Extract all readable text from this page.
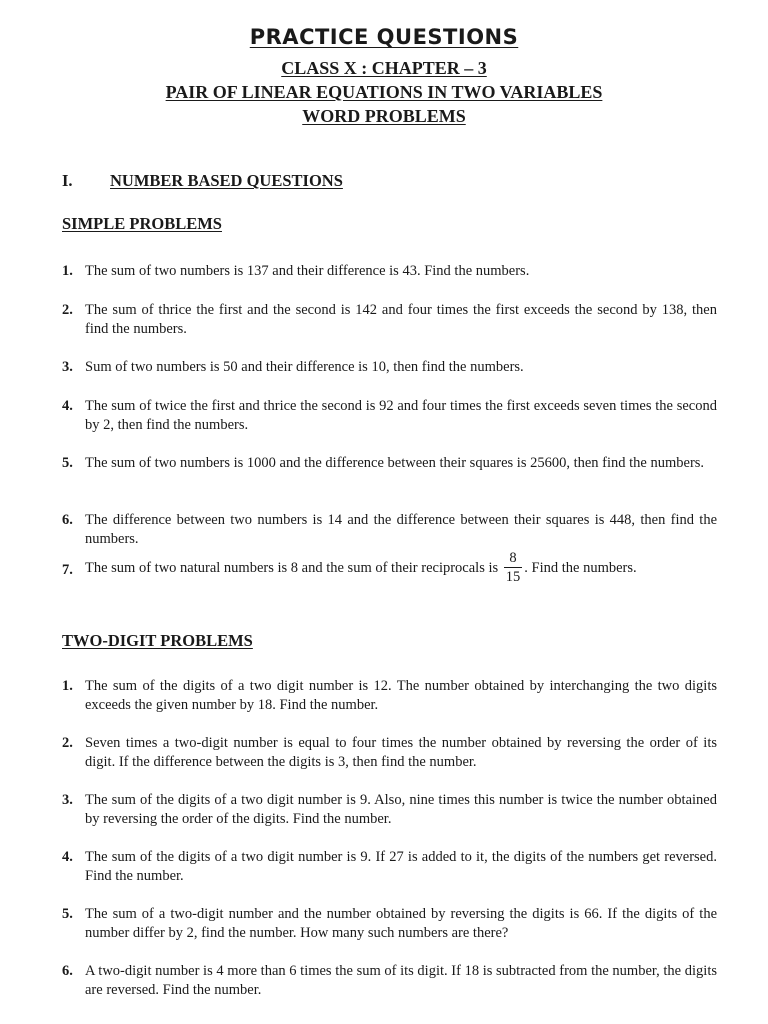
PRACTICE QUESTIONS
CLASS X : CHAPTER – 3
PAIR OF LINEAR EQUATIONS IN TWO VARIABLES
WORD PROBLEMS
I. NUMBER BASED QUESTIONS
SIMPLE PROBLEMS
1. The sum of two numbers is 137 and their difference is 43. Find the numbers.
2. The sum of thrice the first and the second is 142 and four times the first exceeds the second by 138, then find the numbers.
3. Sum of two numbers is 50 and their difference is 10, then find the numbers.
4. The sum of twice the first and thrice the second is 92 and four times the first exceeds seven times the second by 2, then find the numbers.
5. The sum of two numbers is 1000 and the difference between their squares is 25600, then find the numbers.
6. The difference between two numbers is 14 and the difference between their squares is 448, then find the numbers.
7. The sum of two natural numbers is 8 and the sum of their reciprocals is $\frac{8}{15}$ . Find the numbers.
TWO-DIGIT PROBLEMS
1. The sum of the digits of a two digit number is 12. The number obtained by interchanging the two digits exceeds the given number by 18. Find the number.
2. Seven times a two-digit number is equal to four times the number obtained by reversing the order of its digit. If the difference between the digits is 3, then find the number.
3. The sum of the digits of a two digit number is 9. Also, nine times this number is twice the number obtained by reversing the order of the digits. Find the number.
4. The sum of the digits of a two digit number is 9. If 27 is added to it, the digits of the numbers get reversed. Find the number.
5. The sum of a two-digit number and the number obtained by reversing the digits is 66. If the digits of the number differ by 2, find the number. How many such numbers are there?
6. A two-digit number is 4 more than 6 times the sum of its digit. If 18 is subtracted from the number, the digits are reversed. Find the number.
